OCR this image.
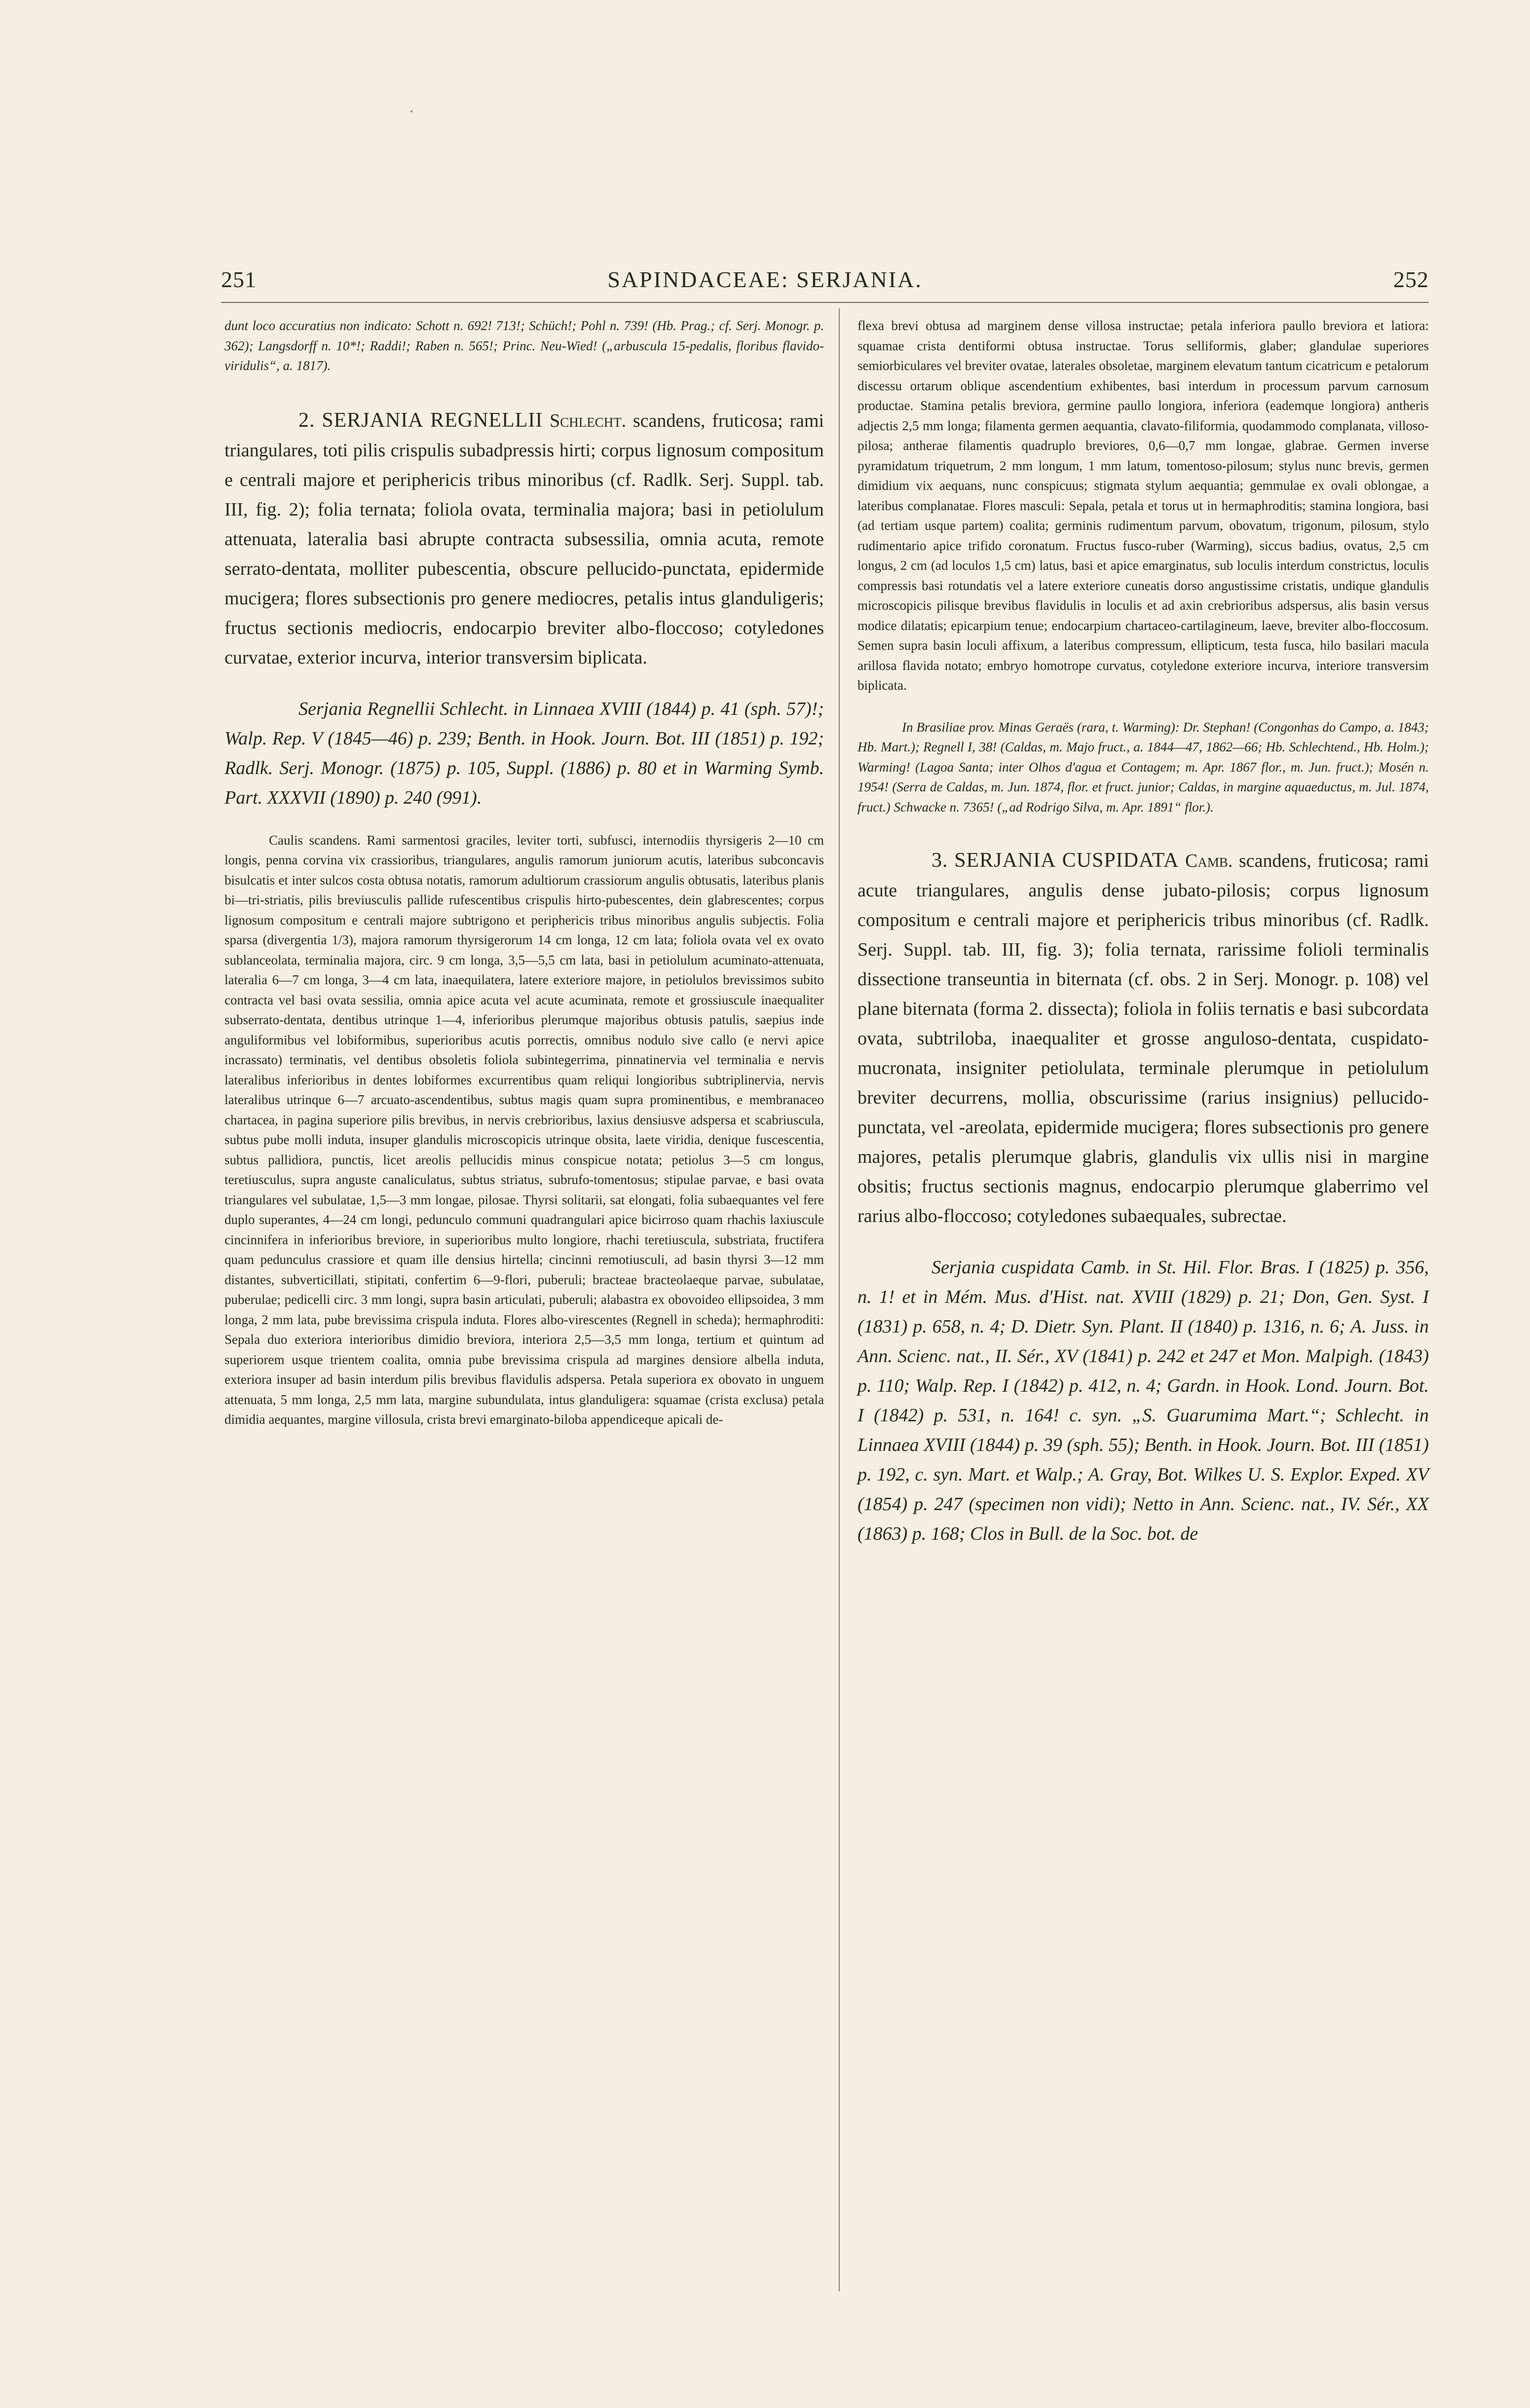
251	SAPINDACEAE: SERJANIA.	252

dunt loco accuratius non indicato: Schott n. 692! 713!; Schüch!; Pohl n. 739! (Hb. Prag.; cf. Serj. Monogr. p. 362); Langsdorff n. 10*!; Raddi!; Raben n. 565!; Princ. Neu-Wied! („arbuscula 15-pedalis, floribus flavido-viridulis“, a. 1817).

2. SERJANIA REGNELLII Schlecht. scandens, fruticosa; rami triangulares, toti pilis crispulis subadpressis hirti; corpus lignosum compositum e centrali majore et periphericis tribus minoribus (cf. Radlk. Serj. Suppl. tab. III, fig. 2); folia ternata; foliola ovata, terminalia majora; basi in petiolulum attenuata, lateralia basi abrupte contracta subsessilia, omnia acuta, remote serrato-dentata, molliter pubescentia, obscure pellucido-punctata, epidermide mucigera; flores subsectionis pro genere mediocres, petalis intus glanduligeris; fructus sectionis mediocris, endocarpio breviter albo-floccoso; cotyledones curvatae, exterior incurva, interior transversim biplicata.

Serjania Regnellii Schlecht. in Linnaea XVIII (1844) p. 41 (sph. 57)!; Walp. Rep. V (1845—46) p. 239; Benth. in Hook. Journ. Bot. III (1851) p. 192; Radlk. Serj. Monogr. (1875) p. 105, Suppl. (1886) p. 80 et in Warming Symb. Part. XXXVII (1890) p. 240 (991).

Caulis scandens. Rami sarmentosi graciles, leviter torti, subfusci, internodiis thyrsigeris 2—10 cm longis, penna corvina vix crassioribus, triangulares, angulis ramorum juniorum acutis, lateribus subconcavis bisulcatis et inter sulcos costa obtusa notatis, ramorum adultiorum crassiorum angulis obtusatis, lateribus planis bi—tri-striatis, pilis breviusculis pallide rufescentibus crispulis hirto-pubescentes, dein glabrescentes; corpus lignosum compositum e centrali majore subtrigono et periphericis tribus minoribus angulis subjectis. Folia sparsa (divergentia 1/3), majora ramorum thyrsigerorum 14 cm longa, 12 cm lata; foliola ovata vel ex ovato sublanceolata, terminalia majora, circ. 9 cm longa, 3,5—5,5 cm lata, basi in petiolulum acuminato-attenuata, lateralia 6—7 cm longa, 3—4 cm lata, inaequilatera, latere exteriore majore, in petiolulos brevissimos subito contracta vel basi ovata sessilia, omnia apice acuta vel acute acuminata, remote et grossiuscule inaequaliter subserrato-dentata, dentibus utrinque 1—4, inferioribus plerumque majoribus obtusis patulis, saepius inde anguliformibus vel lobiformibus, superioribus acutis porrectis, omnibus nodulo sive callo (e nervi apice incrassato) terminatis, vel dentibus obsoletis foliola subintegerrima, pinnatinervia vel terminalia e nervis lateralibus inferioribus in dentes lobiformes excurrentibus quam reliqui longioribus subtriplinervia, nervis lateralibus utrinque 6—7 arcuato-ascendentibus, subtus magis quam supra prominentibus, e membranaceo chartacea, in pagina superiore pilis brevibus, in nervis crebrioribus, laxius densiusve adspersa et scabriuscula, subtus pube molli induta, insuper glandulis microscopicis utrinque obsita, laete viridia, denique fuscescentia, subtus pallidiora, punctis, licet areolis pellucidis minus conspicue notata; petiolus 3—5 cm longus, teretiusculus, supra anguste canaliculatus, subtus striatus, subrufo-tomentosus; stipulae parvae, e basi ovata triangulares vel subulatae, 1,5—3 mm longae, pilosae. Thyrsi solitarii, sat elongati, folia subaequantes vel fere duplo superantes, 4—24 cm longi, pedunculo communi quadrangulari apice bicirroso quam rhachis laxiuscule cincinnifera in inferioribus breviore, in superioribus multo longiore, rhachi teretiuscula, substriata, fructifera quam pedunculus crassiore et quam ille densius hirtella; cincinni remotiusculi, ad basin thyrsi 3—12 mm distantes, subverticillati, stipitati, confertim 6—9-flori, puberuli; bracteae bracteolaeque parvae, subulatae, puberulae; pedicelli circ. 3 mm longi, supra basin articulati, puberuli; alabastra ex obovoideo ellipsoidea, 3 mm longa, 2 mm lata, pube brevissima crispula induta. Flores albo-virescentes (Regnell in scheda); hermaphroditi: Sepala duo exteriora interioribus dimidio breviora, interiora 2,5—3,5 mm longa, tertium et quintum ad superiorem usque trientem coalita, omnia pube brevissima crispula ad margines densiore albella induta, exteriora insuper ad basin interdum pilis brevibus flavidulis adspersa. Petala superiora ex obovato in unguem attenuata, 5 mm longa, 2,5 mm lata, margine subundulata, intus glanduligera: squamae (crista exclusa) petala dimidia aequantes, margine villosula, crista brevi emarginato-biloba appendiceque apicali de-

flexa brevi obtusa ad marginem dense villosa instructae; petala inferiora paullo breviora et latiora: squamae crista dentiformi obtusa instructae. Torus selliformis, glaber; glandulae superiores semiorbiculares vel breviter ovatae, laterales obsoletae, marginem elevatum tantum cicatricum e petalorum discessu ortarum oblique ascendentium exhibentes, basi interdum in processum parvum carnosum productae. Stamina petalis breviora, germine paullo longiora, inferiora (eademque longiora) antheris adjectis 2,5 mm longa; filamenta germen aequantia, clavato-filiformia, quodammodo complanata, villoso-pilosa; antherae filamentis quadruplo breviores, 0,6—0,7 mm longae, glabrae. Germen inverse pyramidatum triquetrum, 2 mm longum, 1 mm latum, tomentoso-pilosum; stylus nunc brevis, germen dimidium vix aequans, nunc conspicuus; stigmata stylum aequantia; gemmulae ex ovali oblongae, a lateribus complanatae. Flores masculi: Sepala, petala et torus ut in hermaphroditis; stamina longiora, basi (ad tertiam usque partem) coalita; germinis rudimentum parvum, obovatum, trigonum, pilosum, stylo rudimentario apice trifido coronatum. Fructus fusco-ruber (Warming), siccus badius, ovatus, 2,5 cm longus, 2 cm (ad loculos 1,5 cm) latus, basi et apice emarginatus, sub loculis interdum constrictus, loculis compressis basi rotundatis vel a latere exteriore cuneatis dorso angustissime cristatis, undique glandulis microscopicis pilisque brevibus flavidulis in loculis et ad axin crebrioribus adspersus, alis basin versus modice dilatatis; epicarpium tenue; endocarpium chartaceo-cartilagineum, laeve, breviter albo-floccosum. Semen supra basin loculi affixum, a lateribus compressum, ellipticum, testa fusca, hilo basilari macula arillosa flavida notato; embryo homotrope curvatus, cotyledone exteriore incurva, interiore transversim biplicata.

In Brasiliae prov. Minas Geraës (rara, t. Warming): Dr. Stephan! (Congonhas do Campo, a. 1843; Hb. Mart.); Regnell I, 38! (Caldas, m. Majo fruct., a. 1844—47, 1862—66; Hb. Schlechtend., Hb. Holm.); Warming! (Lagoa Santa; inter Olhos d'agua et Contagem; m. Apr. 1867 flor., m. Jun. fruct.); Mosén n. 1954! (Serra de Caldas, m. Jun. 1874, flor. et fruct. junior; Caldas, in margine aquaeductus, m. Jul. 1874, fruct.) Schwacke n. 7365! („ad Rodrigo Silva, m. Apr. 1891“ flor.).

3. SERJANIA CUSPIDATA Camb. scandens, fruticosa; rami acute triangulares, angulis dense jubato-pilosis; corpus lignosum compositum e centrali majore et periphericis tribus minoribus (cf. Radlk. Serj. Suppl. tab. III, fig. 3); folia ternata, rarissime folioli terminalis dissectione transeuntia in biternata (cf. obs. 2 in Serj. Monogr. p. 108) vel plane biternata (forma 2. dissecta); foliola in foliis ternatis e basi subcordata ovata, subtriloba, inaequaliter et grosse anguloso-dentata, cuspidato-mucronata, insigniter petiolulata, terminale plerumque in petiolulum breviter decurrens, mollia, obscurissime (rarius insignius) pellucido-punctata, vel -areolata, epidermide mucigera; flores subsectionis pro genere majores, petalis plerumque glabris, glandulis vix ullis nisi in margine obsitis; fructus sectionis magnus, endocarpio plerumque glaberrimo vel rarius albo-floccoso; cotyledones subaequales, subrectae.

Serjania cuspidata Camb. in St. Hil. Flor. Bras. I (1825) p. 356, n. 1! et in Mém. Mus. d'Hist. nat. XVIII (1829) p. 21; Don, Gen. Syst. I (1831) p. 658, n. 4; D. Dietr. Syn. Plant. II (1840) p. 1316, n. 6; A. Juss. in Ann. Scienc. nat., II. Sér., XV (1841) p. 242 et 247 et Mon. Malpigh. (1843) p. 110; Walp. Rep. I (1842) p. 412, n. 4; Gardn. in Hook. Lond. Journ. Bot. I (1842) p. 531, n. 164! c. syn. „S. Guarumima Mart.“; Schlecht. in Linnaea XVIII (1844) p. 39 (sph. 55); Benth. in Hook. Journ. Bot. III (1851) p. 192, c. syn. Mart. et Walp.; A. Gray, Bot. Wilkes U. S. Explor. Exped. XV (1854) p. 247 (specimen non vidi); Netto in Ann. Scienc. nat., IV. Sér., XX (1863) p. 168; Clos in Bull. de la Soc. bot. de
